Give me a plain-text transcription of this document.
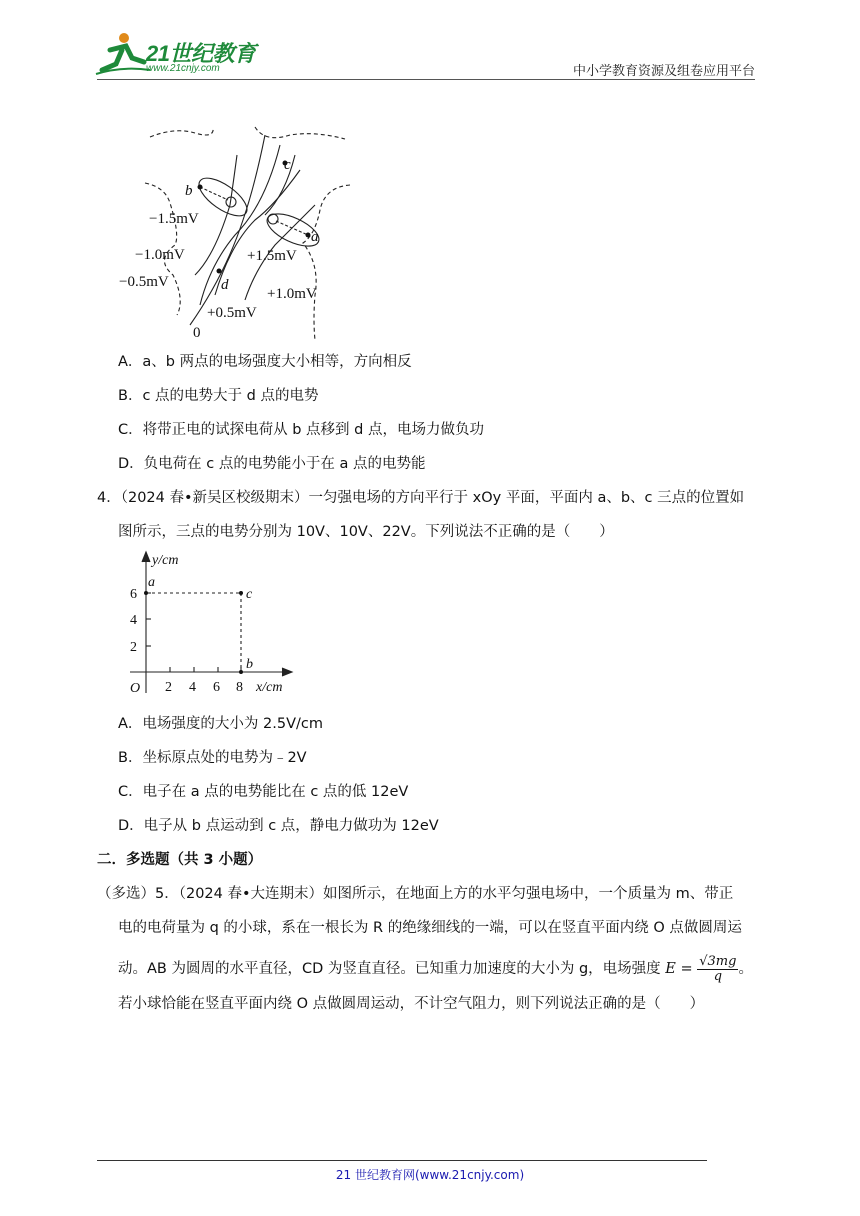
21世纪教育
www.21cnjy.com	中小学教育资源及组卷应用平台
b
c
a
d
0
−1.5mV
−1.0mV
−0.5mV
+1.5mV
+1.0mV
+0.5mV
A．a、b 两点的电场强度大小相等，方向相反
B．c 点的电势大于 d 点的电势
C．将带正电的试探电荷从 b 点移到 d 点，电场力做负功
D．负电荷在 c 点的电势能小于在 a 点的电势能
4．（2024 春•新吴区校级期末）一匀强电场的方向平行于 xOy 平面，平面内 a、b、c 三点的位置如
图所示，三点的电势分别为 10V、10V、22V。下列说法不正确的是（　　）
y/cm
x/cm
O
6
4
2
2 4 6 8
a
c
b
A．电场强度的大小为 2.5V/cm
B．坐标原点处的电势为﹣2V
C．电子在 a 点的电势能比在 c 点的低 12eV
D．电子从 b 点运动到 c 点，静电力做功为 12eV
二．多选题（共 3 小题）
（多选）5．（2024 春•大连期末）如图所示，在地面上方的水平匀强电场中，一个质量为 m、带正
电的电荷量为 q 的小球，系在一根长为 R 的绝缘细线的一端，可以在竖直平面内绕 O 点做圆周运
动。AB 为圆周的水平直径，CD 为竖直直径。已知重力加速度的大小为 g，电场强度 $E = \frac{√3mg}{q}$ 。
若小球恰能在竖直平面内绕 O 点做圆周运动，不计空气阻力，则下列说法正确的是（　　）
21 世纪教育网(www.21cnjy.com)
